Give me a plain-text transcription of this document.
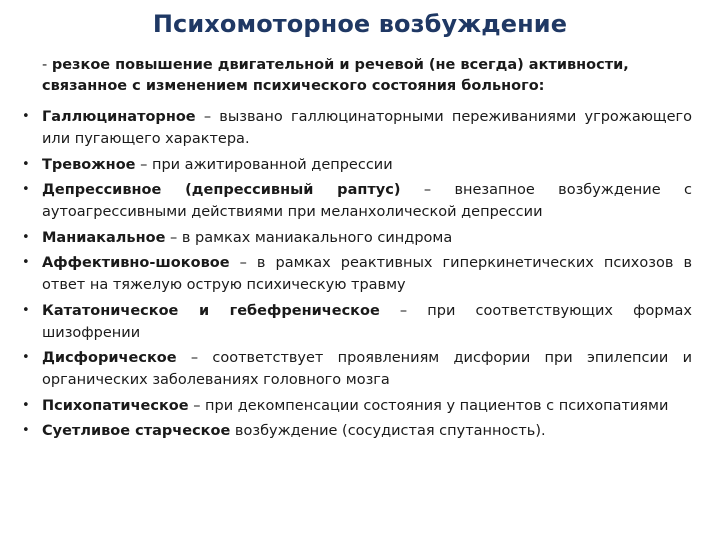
Психомоторное возбуждение
- резкое повышение двигательной и речевой (не всегда) активности, связанное с изменением психического состояния больного:
• Галлюцинаторное – вызвано галлюцинаторными переживаниями угрожающего или пугающего характера.
• Тревожное – при ажитированной депрессии
• Депрессивное (депрессивный раптус) – внезапное возбуждение с аутоагрессивными действиями при меланхолической депрессии
• Маниакальное – в рамках маниакального синдрома
• Аффективно-шоковое – в рамках реактивных гиперкинетических психозов в ответ на тяжелую острую психическую травму
• Кататоническое и гебефреническое – при соответствующих формах шизофрении
• Дисфорическое – соответствует проявлениям дисфории при эпилепсии и органических заболеваниях головного мозга
• Психопатическое – при декомпенсации состояния у пациентов с психопатиями
• Суетливое старческое возбуждение (сосудистая спутанность).
